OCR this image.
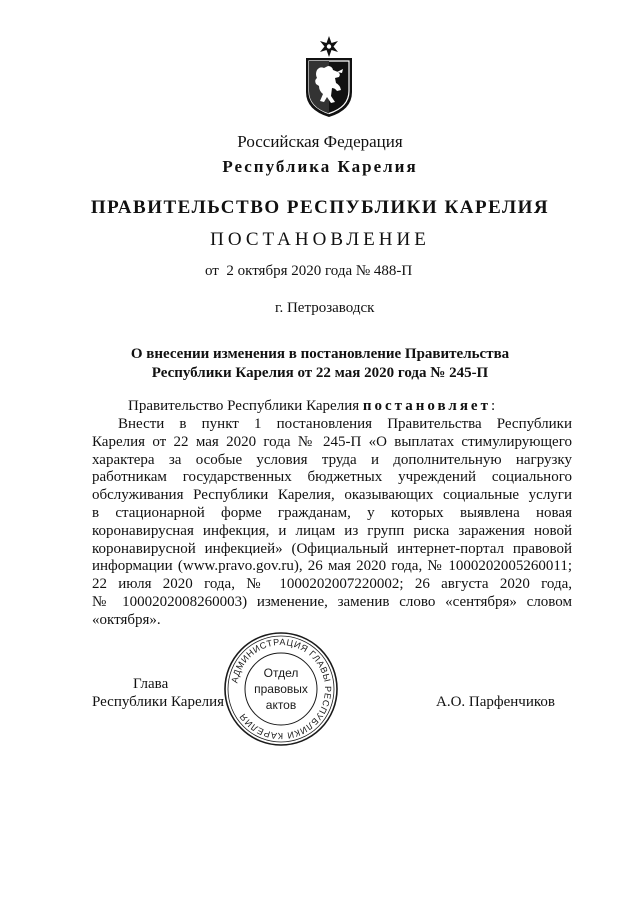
Российская Федерация
Республика Карелия
ПРАВИТЕЛЬСТВО РЕСПУБЛИКИ КАРЕЛИЯ
ПОСТАНОВЛЕНИЕ
от  2 октября 2020 года № 488-П
г. Петрозаводск
О внесении изменения в постановление Правительства
Республики Карелия от 22 мая 2020 года № 245-П
Правительство Республики Карелия постановляет:
Внести в пункт 1 постановления Правительства Республики
Карелия от 22 мая 2020 года № 245-П «О выплатах стимулирующего
характера за особые условия труда и дополнительную нагрузку
работникам государственных бюджетных учреждений социального
обслуживания Республики Карелия, оказывающих социальные услуги
в стационарной форме гражданам, у которых выявлена новая
коронавирусная инфекция, и лицам из групп риска заражения новой
коронавирусной инфекцией» (Официальный интернет-портал правовой
информации (www.pravo.gov.ru), 26 мая 2020 года, № 1000202005260011;
22 июля 2020 года, № 1000202007220002; 26 августа 2020 года,
№ 1000202008260003) изменение, заменив слово «сентября» словом
«октября».
Глава
Республики Карелия	А.О. Парфенчиков
АДМИНИСТРАЦИЯ ГЛАВЫ РЕСПУБЛИКИ КАРЕЛИЯ
Отдел
правовых
актов
